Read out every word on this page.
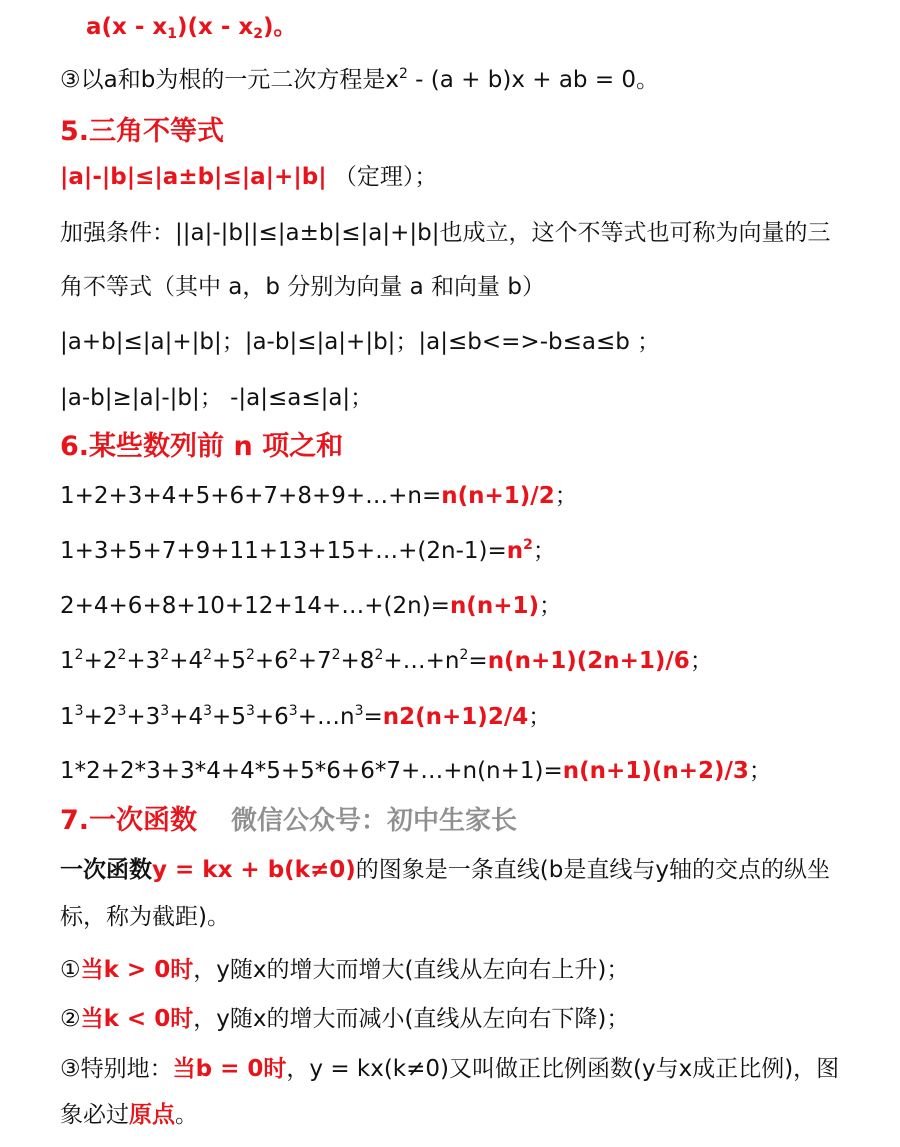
$a(x - x_1)(x - x_2)$。
③以a和b为根的一元二次方程是$x^2 - (a + b)x$ + ab = 0。
5.三角不等式
|a|-|b|≤|a±b|≤|a|+|b| （定理）；
加强条件：||a|-|b||≤|a±b|≤|a|+|b|也成立，这个不等式也可称为向量的三
角不等式（其中 a，b 分别为向量 a 和向量 b）
|a+b|≤|a|+|b|；|a-b|≤|a|+|b|；|a|≤b<=>-b≤a≤b ；
|a-b|≥|a|-|b|； -|a|≤a≤|a|；
6.某些数列前 n 项之和
1+2+3+4+5+6+7+8+9+…+n=n(n+1)/2；
$1+3+5+7+9+11+13+15+\dots+(2n-1)=n^2$；
2+4+6+8+10+12+14+…+(2n)=n(n+1)；
$1^2+2^2+3^2+4^2+5^2+6^2+7^2+8^2+\dots+n^2=n(n+1)(2n+1)/6$；
$1^3+2^3+3^3+4^3+5^3+6^3+\dots n^3=n2(n+1)2/4$；
1*2+2*3+3*4+4*5+5*6+6*7+…+n(n+1)=n(n+1)(n+2)/3；
7.一次函数 微信公众号：初中生家长
一次函数y = kx + b(k≠0)的图象是一条直线(b是直线与y轴的交点的纵坐
标，称为截距)。
①当k > 0时，y随x的增大而增大(直线从左向右上升)；
②当k < 0时，y随x的增大而减小(直线从左向右下降)；
③特别地：当b = 0时，y = kx(k≠0)又叫做正比例函数(y与x成正比例)，图
象必过原点。
